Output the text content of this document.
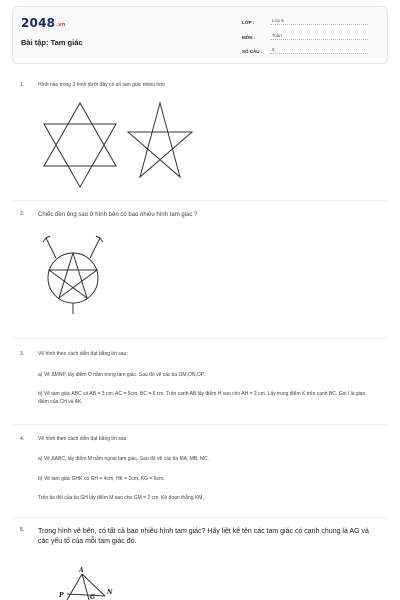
2048.vn
Bài tập: Tam giác
LỚP :	Lớp 6
MÔN :	Toán
SỐ CÂU :	8
1.	Hình nào trong 2 hình dưới đây có số tam giác nhiều hơn
2.	Chiếc đèn ông sao ở hình bên có bao nhiêu hình tam giác ?
3.	Vẽ hình theo cách diễn đạt bằng lời sau:
a) Vẽ ΔMNP, lấy điểm O nằm trong tam giác. Sau đó vẽ các tia OM,ON,OP.
b) Vẽ tam giác ABC có AB = 3 cm, AC = 5cm, BC = 6 cm. Trên cạnh AB lấy điểm H sao cho AH = 2 cm. Lấy trung điểm K trên cạnh BC. Gọi I là giao điểm của CH và AK.
4.	Vẽ hình theo cách diễn đạt bằng lời sau:
a) Vẽ ΔABC, lấy điểm M nằm ngoài tam giác. Sau đó vẽ các tia MA, MB, MC.
b) Vẽ tam giác GHK có GH = 4cm, HK = 2cm, KG = 5cm.
Trên tia đối của tia GH lấy điểm M sao cho GM = 2 cm. Kẻ đoạn thẳng KM.
5.	Trong hình vẽ bên, có tất cả bao nhiêu hình tam giác? Hãy liệt kê tên các tam giác có cạnh chung là AG và các yếu tố của mỗi tam giác đó.
A
P	G
N
